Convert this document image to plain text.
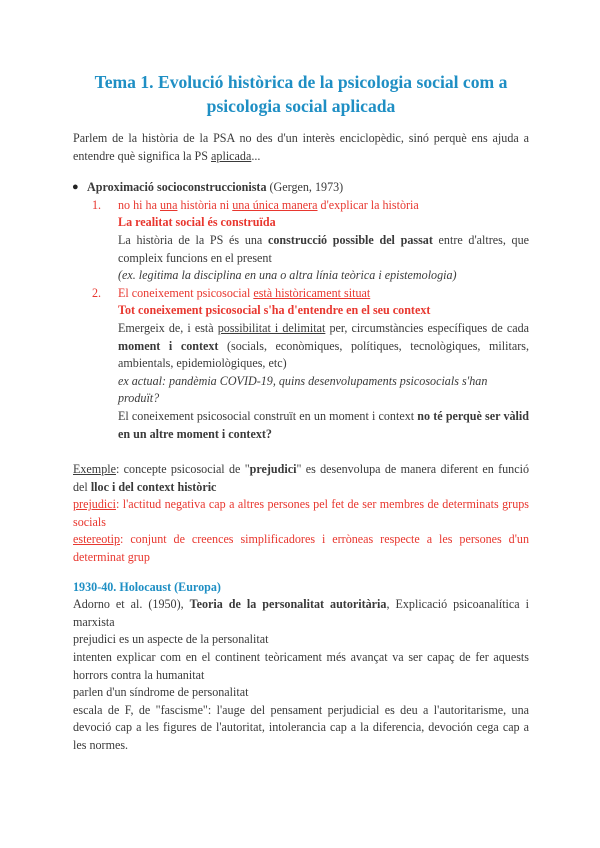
Tema 1. Evolució històrica de la psicologia social com a psicologia social aplicada
Parlem de la història de la PSA no des d'un interès enciclopèdic, sinó perquè ens ajuda a entendre què significa la PS aplicada...
● Aproximació socioconstruccionista (Gergen, 1973)
1. no hi ha una història ni una única manera d'explicar la història
La realitat social és construïda
La història de la PS és una construcció possible del passat entre d'altres, que compleix funcions en el present
(ex. legitima la disciplina en una o altra línia teòrica i epistemologia)
2. El coneixement psicosocial està històricament situat
Tot coneixement psicosocial s'ha d'entendre en el seu context
Emergeix de, i està possibilitat i delimitat per, circumstàncies específiques de cada moment i context (socials, econòmiques, polítiques, tecnològiques, militars, ambientals, epidemiològiques, etc)
ex actual: pandèmia COVID-19, quins desenvolupaments psicosocials s'han produït?
El coneixement psicosocial construït en un moment i context no té perquè ser vàlid en un altre moment i context?
Exemple: concepte psicosocial de "prejudici" es desenvolupa de manera diferent en funció del lloc i del context històric
prejudici: l'actitud negativa cap a altres persones pel fet de ser membres de determinats grups socials
estereotip: conjunt de creences simplificadores i erròneas respecte a les persones d'un determinat grup
1930-40. Holocaust (Europa)
Adorno et al. (1950), Teoria de la personalitat autoritària, Explicació psicoanalítica i marxista
prejudici es un aspecte de la personalitat
intenten explicar com en el continent teòricament més avançat va ser capaç de fer aquests horrors contra la humanitat
parlen d'un síndrome de personalitat
escala de F, de "fascisme": l'auge del pensament perjudicial es deu a l'autoritarisme, una devoció cap a les figures de l'autoritat, intolerancia cap a la diferencia, devoción cega cap a les normes.
